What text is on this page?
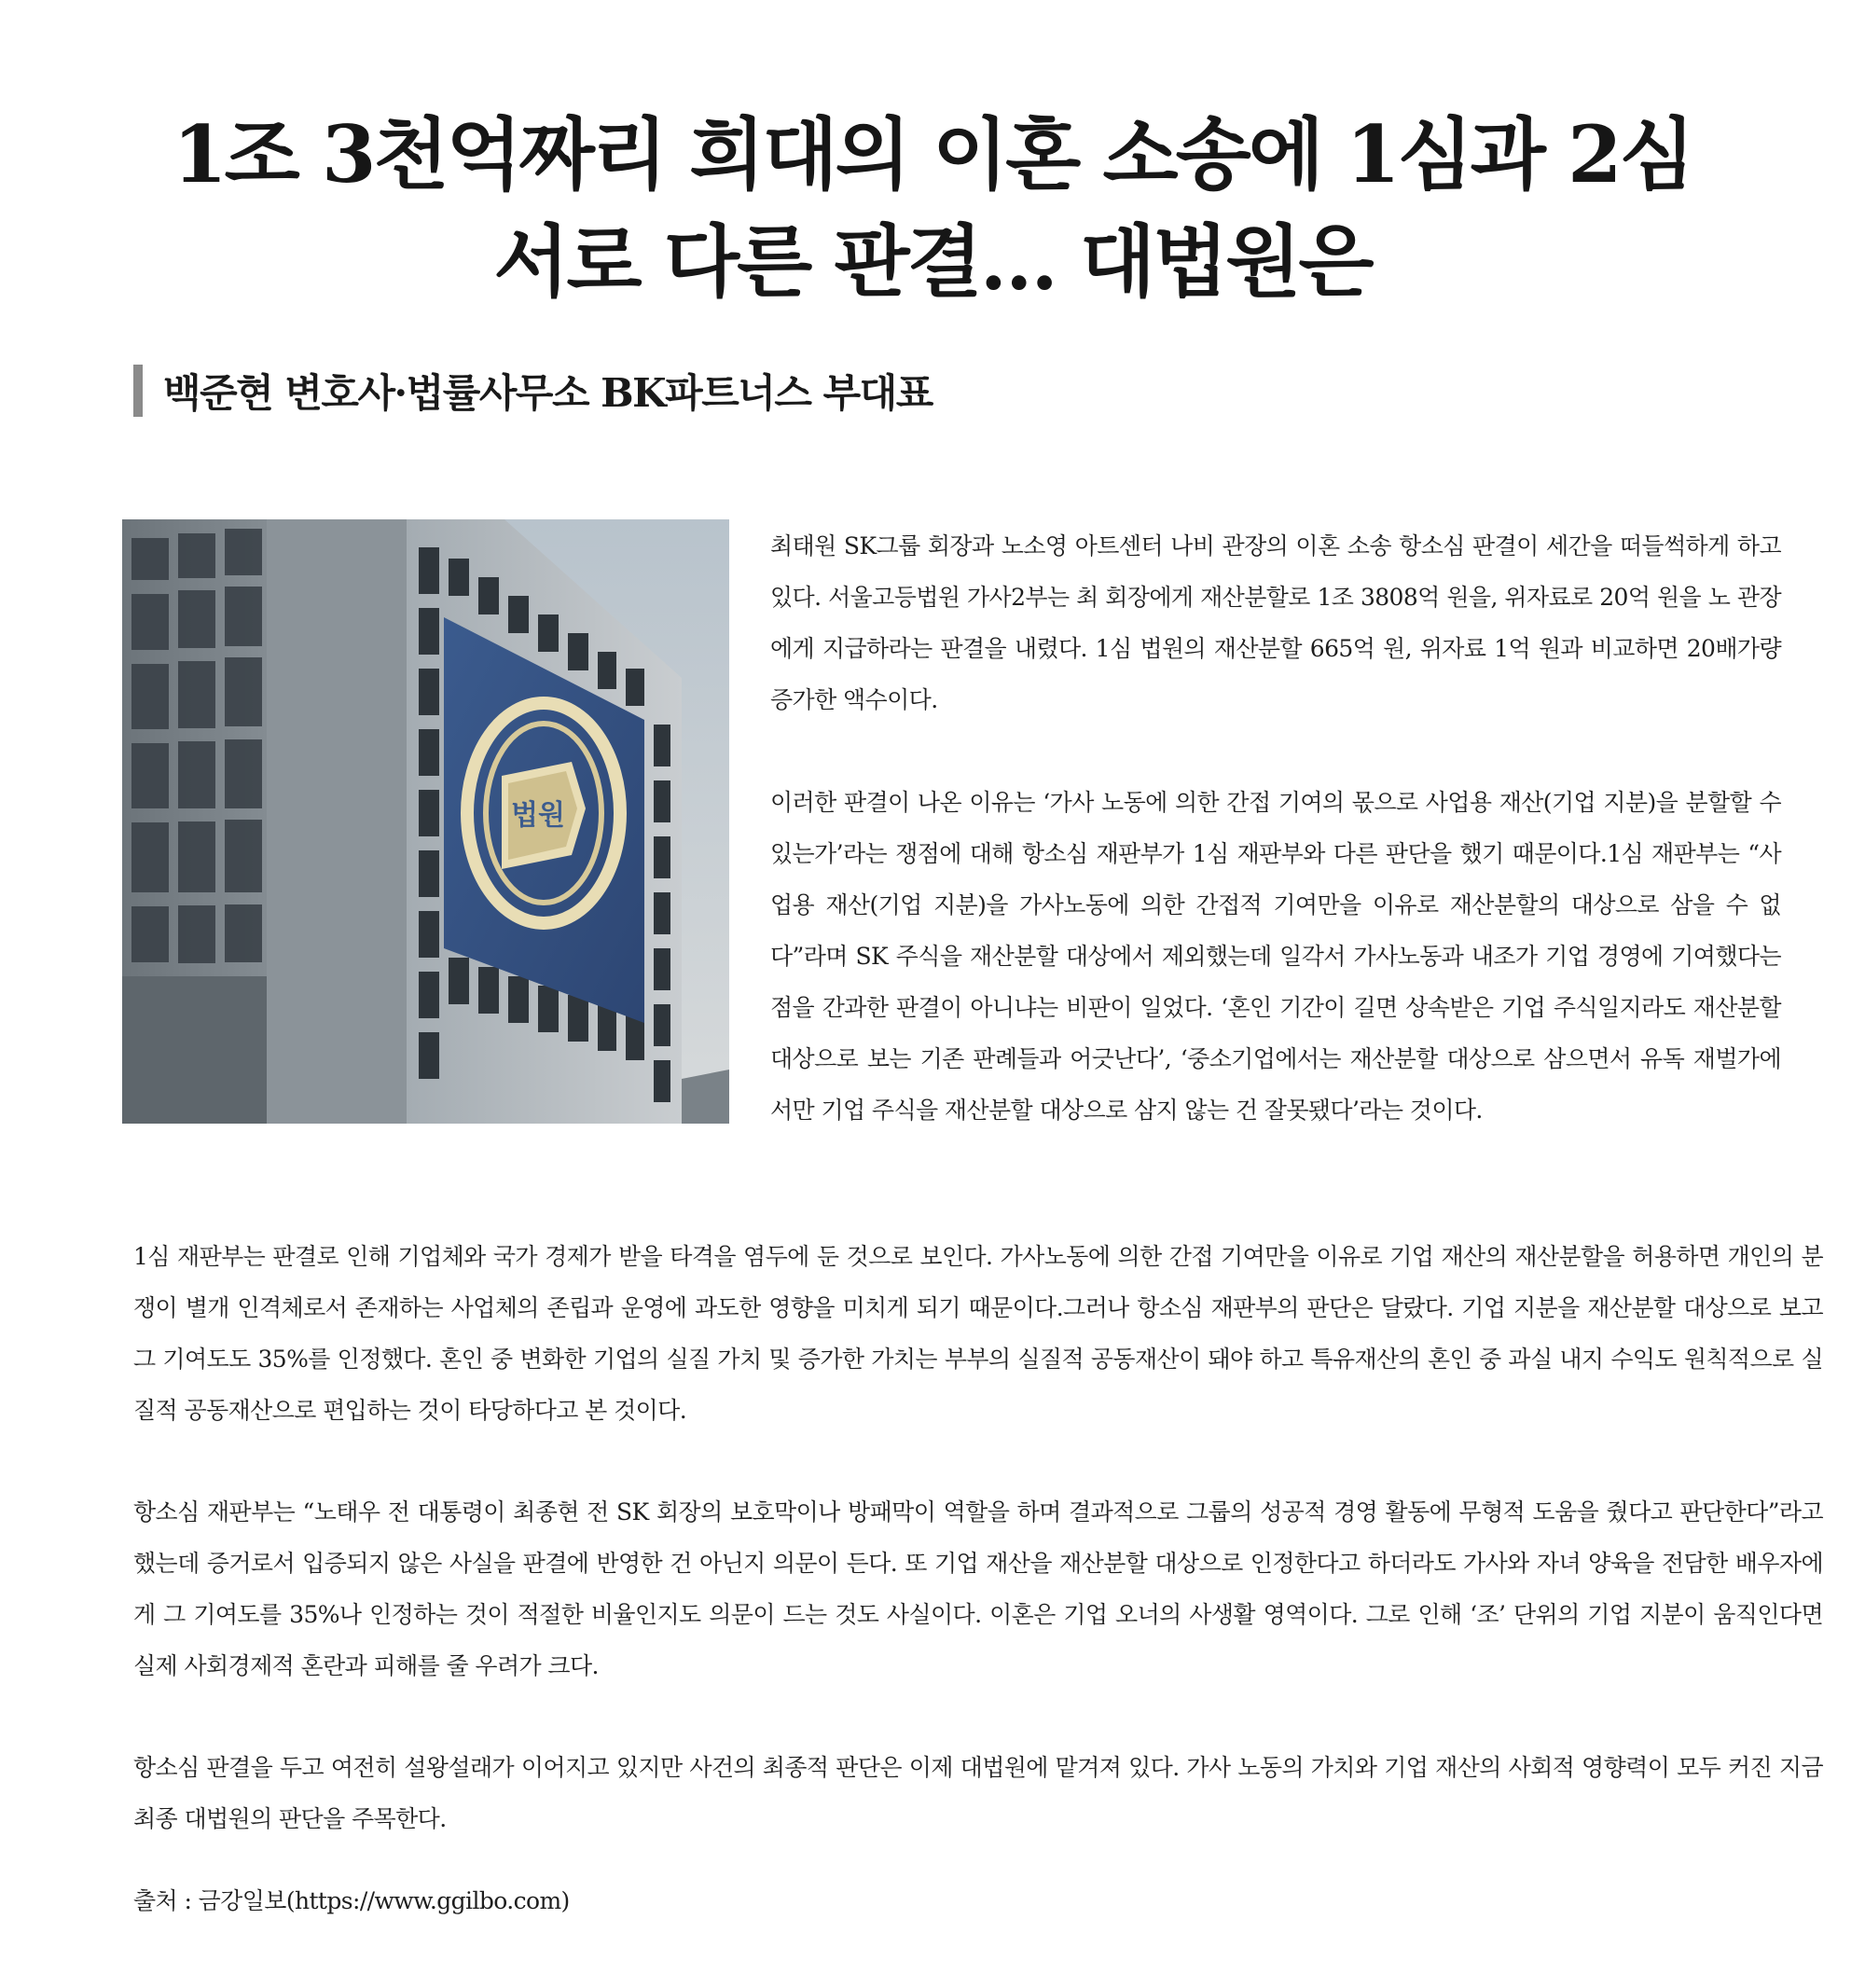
1조 3천억짜리 희대의 이혼 소송에 1심과 2심
서로 다른 판결… 대법원은
백준현 변호사·법률사무소 BK파트너스 부대표
법원

최태원 SK그룹 회장과 노소영 아트센터 나비 관장의 이혼 소송 항소심 판결이 세간을 떠들썩하게 하고 있다. 서울고등법원 가사2부는 최 회장에게 재산분할로 1조 3808억 원을, 위자료로 20억 원을 노 관장에게 지급하라는 판결을 내렸다. 1심 법원의 재산분할 665억 원, 위자료 1억 원과 비교하면 20배가량 증가한 액수이다.

이러한 판결이 나온 이유는 ‘가사 노동에 의한 간접 기여의 몫으로 사업용 재산(기업 지분)을 분할할 수 있는가’라는 쟁점에 대해 항소심 재판부가 1심 재판부와 다른 판단을 했기 때문이다.1심 재판부는 “사업용 재산(기업 지분)을 가사노동에 의한 간접적 기여만을 이유로 재산분할의 대상으로 삼을 수 없다”라며 SK 주식을 재산분할 대상에서 제외했는데 일각서 가사노동과 내조가 기업 경영에 기여했다는 점을 간과한 판결이 아니냐는 비판이 일었다. ‘혼인 기간이 길면 상속받은 기업 주식일지라도 재산분할 대상으로 보는 기존 판례들과 어긋난다’, ‘중소기업에서는 재산분할 대상으로 삼으면서 유독 재벌가에서만 기업 주식을 재산분할 대상으로 삼지 않는 건 잘못됐다’라는 것이다.

1심 재판부는 판결로 인해 기업체와 국가 경제가 받을 타격을 염두에 둔 것으로 보인다. 가사노동에 의한 간접 기여만을 이유로 기업 재산의 재산분할을 허용하면 개인의 분쟁이 별개 인격체로서 존재하는 사업체의 존립과 운영에 과도한 영향을 미치게 되기 때문이다.그러나 항소심 재판부의 판단은 달랐다. 기업 지분을 재산분할 대상으로 보고 그 기여도도 35%를 인정했다. 혼인 중 변화한 기업의 실질 가치 및 증가한 가치는 부부의 실질적 공동재산이 돼야 하고 특유재산의 혼인 중 과실 내지 수익도 원칙적으로 실질적 공동재산으로 편입하는 것이 타당하다고 본 것이다.

항소심 재판부는 “노태우 전 대통령이 최종현 전 SK 회장의 보호막이나 방패막이 역할을 하며 결과적으로 그룹의 성공적 경영 활동에 무형적 도움을 줬다고 판단한다”라고 했는데 증거로서 입증되지 않은 사실을 판결에 반영한 건 아닌지 의문이 든다. 또 기업 재산을 재산분할 대상으로 인정한다고 하더라도 가사와 자녀 양육을 전담한 배우자에게 그 기여도를 35%나 인정하는 것이 적절한 비율인지도 의문이 드는 것도 사실이다. 이혼은 기업 오너의 사생활 영역이다. 그로 인해 ‘조’ 단위의 기업 지분이 움직인다면 실제 사회경제적 혼란과 피해를 줄 우려가 크다.

항소심 판결을 두고 여전히 설왕설래가 이어지고 있지만 사건의 최종적 판단은 이제 대법원에 맡겨져 있다. 가사 노동의 가치와 기업 재산의 사회적 영향력이 모두 커진 지금 최종 대법원의 판단을 주목한다.

출처 : 금강일보(https://www.ggilbo.com)
